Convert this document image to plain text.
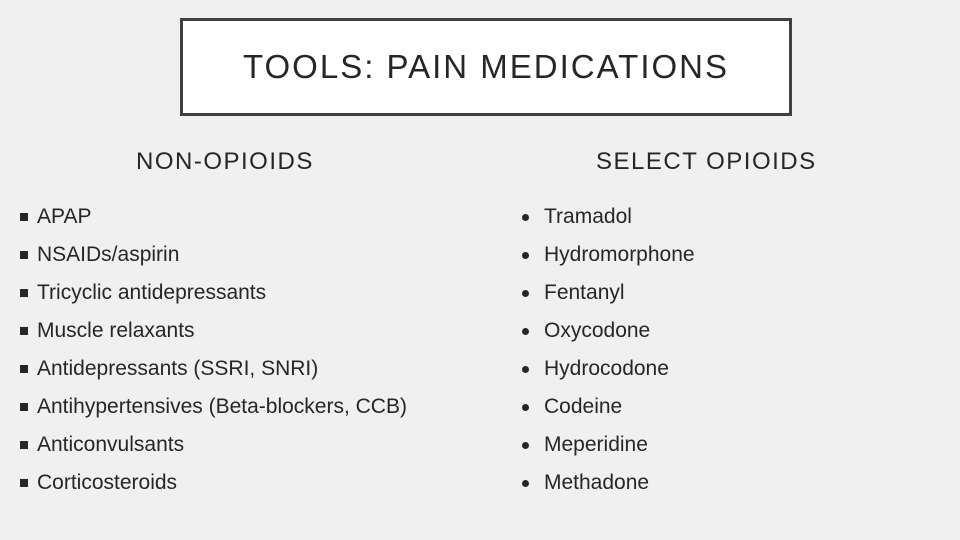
TOOLS: PAIN MEDICATIONS
NON-OPIOIDS	SELECT OPIOIDS
APAP
NSAIDs/aspirin
Tricyclic antidepressants
Muscle relaxants
Antidepressants (SSRI, SNRI)
Antihypertensives (Beta-blockers, CCB)
Anticonvulsants
Corticosteroids
Tramadol
Hydromorphone
Fentanyl
Oxycodone
Hydrocodone
Codeine
Meperidine
Methadone
